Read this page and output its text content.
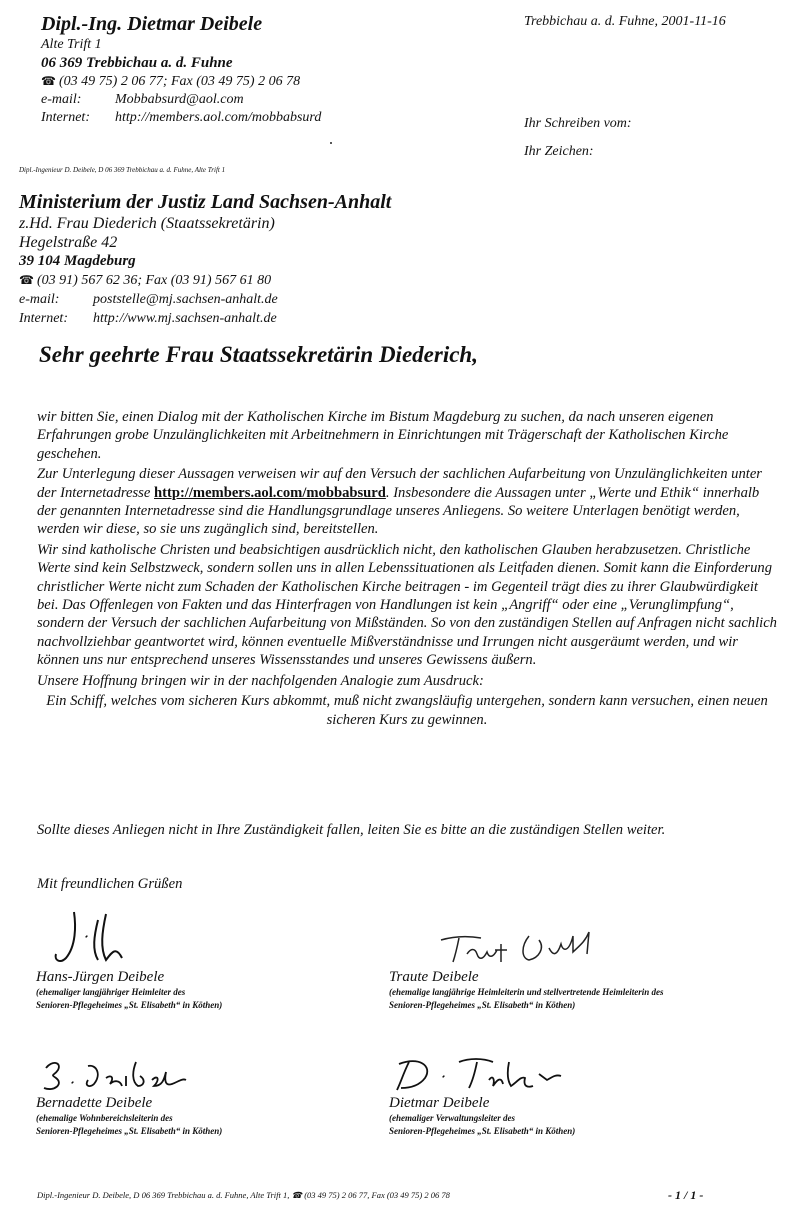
Dipl.-Ing. Dietmar Deibele
Alte Trift 1
06 369 Trebbichau a. d. Fuhne
☎ (03 49 75) 2 06 77; Fax (03 49 75) 2 06 78
e-mail:	Mobbabsurd@aol.com
Internet:	http://members.aol.com/mobbabsurd
Trebbichau a. d. Fuhne, 2001-11-16
Ihr Schreiben vom:
Ihr Zeichen:
Dipl.-Ingenieur D. Deibele, D 06 369 Trebbichau a. d. Fuhne, Alte Trift 1
Ministerium der Justiz Land Sachsen-Anhalt
z.Hd. Frau Diederich (Staatssekretärin)
Hegelstraße 42
39 104 Magdeburg
☎ (03 91) 567 62 36; Fax (03 91) 567 61 80
e-mail:	poststelle@mj.sachsen-anhalt.de
Internet:	http://www.mj.sachsen-anhalt.de
Sehr geehrte Frau Staatssekretärin Diederich,

wir bitten Sie, einen Dialog mit der Katholischen Kirche im Bistum Magdeburg zu suchen, da nach unseren eigenen Erfahrungen grobe Unzulänglichkeiten mit Arbeitnehmern in Einrichtungen mit Trägerschaft der Katholischen Kirche geschehen.

Zur Unterlegung dieser Aussagen verweisen wir auf den Versuch der sachlichen Aufarbeitung von Unzulänglichkeiten unter der Internetadresse http://members.aol.com/mobbabsurd. Insbesondere die Aussagen unter „Werte und Ethik“ innerhalb der genannten Internetadresse sind die Handlungsgrundlage unseres Anliegens. So weitere Unterlagen benötigt werden, werden wir diese, so sie uns zugänglich sind, bereitstellen.

Wir sind katholische Christen und beabsichtigen ausdrücklich nicht, den katholischen Glauben herabzusetzen. Christliche Werte sind kein Selbstzweck, sondern sollen uns in allen Lebenssituationen als Leitfaden dienen. Somit kann die Einforderung christlicher Werte nicht zum Schaden der Katholischen Kirche beitragen - im Gegenteil trägt dies zu ihrer Glaubwürdigkeit bei. Das Offenlegen von Fakten und das Hinterfragen von Handlungen ist kein „Angriff“ oder eine „Verunglimpfung“, sondern der Versuch der sachlichen Aufarbeitung von Mißständen. So von den zuständigen Stellen auf Anfragen nicht sachlich nachvollziehbar geantwortet wird, können eventuelle Mißverständnisse und Irrungen nicht ausgeräumt werden, und wir können uns nur entsprechend unseres Wissensstandes und unseres Gewissens äußern.

Unsere Hoffnung bringen wir in der nachfolgenden Analogie zum Ausdruck:

Ein Schiff, welches vom sicheren Kurs abkommt, muß nicht zwangsläufig untergehen, sondern kann versuchen, einen neuen sicheren Kurs zu gewinnen.

Sollte dieses Anliegen nicht in Ihre Zuständigkeit fallen, leiten Sie es bitte an die zuständigen Stellen weiter.
Mit freundlichen Grüßen
Hans-Jürgen Deibele
(ehemaliger langjähriger Heimleiter des
Senioren-Pflegeheimes „St. Elisabeth“ in Köthen)
Traute Deibele
(ehemalige langjährige Heimleiterin und stellvertretende Heimleiterin des
Senioren-Pflegeheimes „St. Elisabeth“ in Köthen)
Bernadette Deibele
(ehemalige Wohnbereichsleiterin des
Senioren-Pflegeheimes „St. Elisabeth“ in Köthen)
Dietmar Deibele
(ehemaliger Verwaltungsleiter des
Senioren-Pflegeheimes „St. Elisabeth“ in Köthen)
Dipl.-Ingenieur D. Deibele, D 06 369 Trebbichau a. d. Fuhne, Alte Trift 1, ☎ (03 49 75) 2 06 77, Fax (03 49 75) 2 06 78	- 1 / 1 -
